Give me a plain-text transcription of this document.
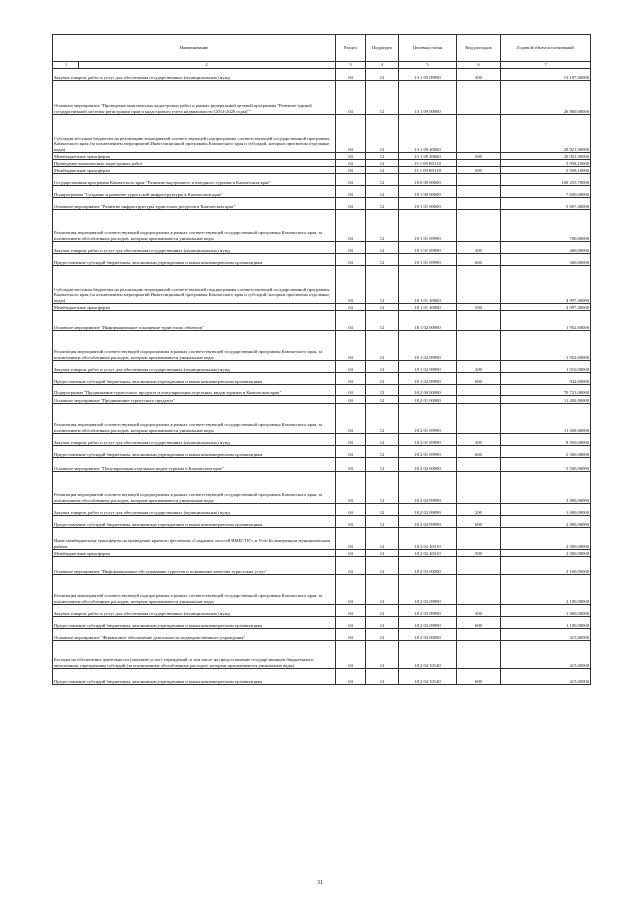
Наименование	Раздел	Подраздел	Целевая статья	Вид расходов	Годовой объем ассигнований

1 2	3	4	5	6	7
Закупка товаров, работ и услуг для обеспечения государственных (муниципальных) нужд	04	12	13 1 05 09990	200	13 187,00000
Основное мероприятие "Проведение комплексных кадастровых работ в рамках федеральной целевой программы "Развитие единой государственной системы регистрации прав и кадастрового учета недвижимости (2014-2020 годы)""	04	12	13 1 09 00000		26 860,00000
Субсидии местным бюджетам на реализацию мероприятий соответствующей подпрограммы соответствующей государственной программы Камчатского края (за исключением мероприятий Инвестиционной программы Камчатского края и субсидий, которым присвоены отдельные коды)	04	12	13 1 09 40060		20 921,90000
Межбюджетные трансферты	04	12	13 1 09 40060	500	20 921,90000
Проведение комплексных кадастровых работ	04	12	13 1 09 R5110		5 938,10000
Межбюджетные трансферты	04	12	13 1 09 R5110	500	5 938,10000
Государственная программа Камчатского края "Развитие внутреннего и въездного туризма в Камчатском крае"	04	12	18 0 00 00000		100 255,70000
Подпрограмма "Создание и развитие туристской инфраструктуры в Камчатском крае"	04	12	18 1 00 00000		7 650,00000
Основное мероприятие "Развитие инфраструктуры туристских ресурсов в Камчатском крае"	04	12	18 1 01 00000		5 697,40000
Реализация мероприятий соответствующей подпрограммы в рамках соответствующей государственной программы Камчатского края, за исключением обособленных расходов, которым присваиваются уникальные коды	04	12	18 1 01 09990		700,00000
Закупка товаров, работ и услуг для обеспечения государственных (муниципальных) нужд	04	12	18 1 01 09990	200	400,00000
Предоставление субсидий бюджетным, автономным учреждениям и иным некоммерческим организациям	04	12	18 1 01 09990	600	300,00000
Субсидии местным бюджетам на реализацию мероприятий соответствующей подпрограммы соответствующей государственной программы Камчатского края (за исключением мероприятий Инвестиционной программы Камчатского края и субсидий, которым присвоены отдельные коды)	04	12	18 1 01 40060		4 997,40000
Межбюджетные трансферты	04	12	18 1 01 40060	500	4 997,40000
Основное мероприятие "Информационное оснащение туристских объектов"	04	12	18 1 02 00000		1 952,60000
Реализация мероприятий соответствующей подпрограммы в рамках соответствующей государственной программы Камчатского края, за исключением обособленных расходов, которым присваиваются уникальные коды	04	12	18 1 02 09990		1 952,60000
Закупка товаров, работ и услуг для обеспечения государственных (муниципальных) нужд	04	12	18 1 02 09990	200	1 010,00000
Предоставление субсидий бюджетным, автономным учреждениям и иным некоммерческим организациям	04	12	18 1 02 09990	600	942,60000
Подпрограмма "Продвижение туристского продукта и популяризация отдельных видов туризма в Камчатском крае"	04	12	18 2 00 00000		70 721,00000
Основное мероприятие "Продвижение туристского продукта"	04	12	18 2 01 00000		11 450,00000
Реализация мероприятий соответствующей подпрограммы в рамках соответствующей государственной программы Камчатского края, за исключением обособленных расходов, которым присваиваются уникальные коды	04	12	18 2 01 09990		11 450,00000
Закупка товаров, работ и услуг для обеспечения государственных (муниципальных) нужд	04	12	18 2 01 09990	200	8 950,00000
Предоставление субсидий бюджетным, автономным учреждениям и иным некоммерческим организациям	04	12	18 2 01 09990	600	2 500,00000
Основное мероприятие "Популяризация отдельных видов туризма в Камчатском крае"	04	12	18 2 02 00000		5 500,00000
Реализация мероприятий соответствующей подпрограммы в рамках соответствующей государственной программы Камчатского края, за исключением обособленных расходов, которым присваиваются уникальные коды	04	12	18 2 02 09990		3 000,00000
Закупка товаров, работ и услуг для обеспечения государственных (муниципальных) нужд	04	12	18 2 02 09990	200	1 000,00000
Предоставление субсидий бюджетным, автономным учреждениям и иным некоммерческим организациям	04	12	18 2 02 09990	600	2 000,00000
Иные межбюджетные трансферты на проведение краевого фестиваля «Сохраним лососей ВМЕСТЕ!» в Усть-Большерецком муниципальном районе	04	12	18 2 02 40310		2 500,00000
Межбюджетные трансферты	04	12	18 2 02 40310	500	2 500,00000
Основное мероприятие "Информационное обслуживание туристов и повышение качества туристских услуг"	04	12	18 2 03 00000		2 100,00000
Реализация мероприятий соответствующей подпрограммы в рамках соответствующей государственной программы Камчатского края, за исключением обособленных расходов, которым присваиваются уникальные коды	04	12	18 2 03 09990		2 100,00000
Закупка товаров, работ и услуг для обеспечения государственных (муниципальных) нужд	04	12	18 2 03 09990	200	1 000,00000
Предоставление субсидий бюджетным, автономным учреждениям и иным некоммерческим организациям	04	12	18 2 03 09990	600	1 100,00000
Основное мероприятие "Финансовое обеспечение деятельности подведомственного учреждения"	04	12	18 2 04 00000		415,00000
Расходы на обеспечение деятельности (оказание услуг) учреждений, в том числе на предоставление государственным бюджетным и автономным учреждениям субсидий (за исключением обособленных расходов, которым присваиваются уникальные коды)	04	12	18 2 04 10140		415,00000
Предоставление субсидий бюджетным, автономным учреждениям и иным некоммерческим организациям	04	12	18 2 04 10140	600	415,00000
31
